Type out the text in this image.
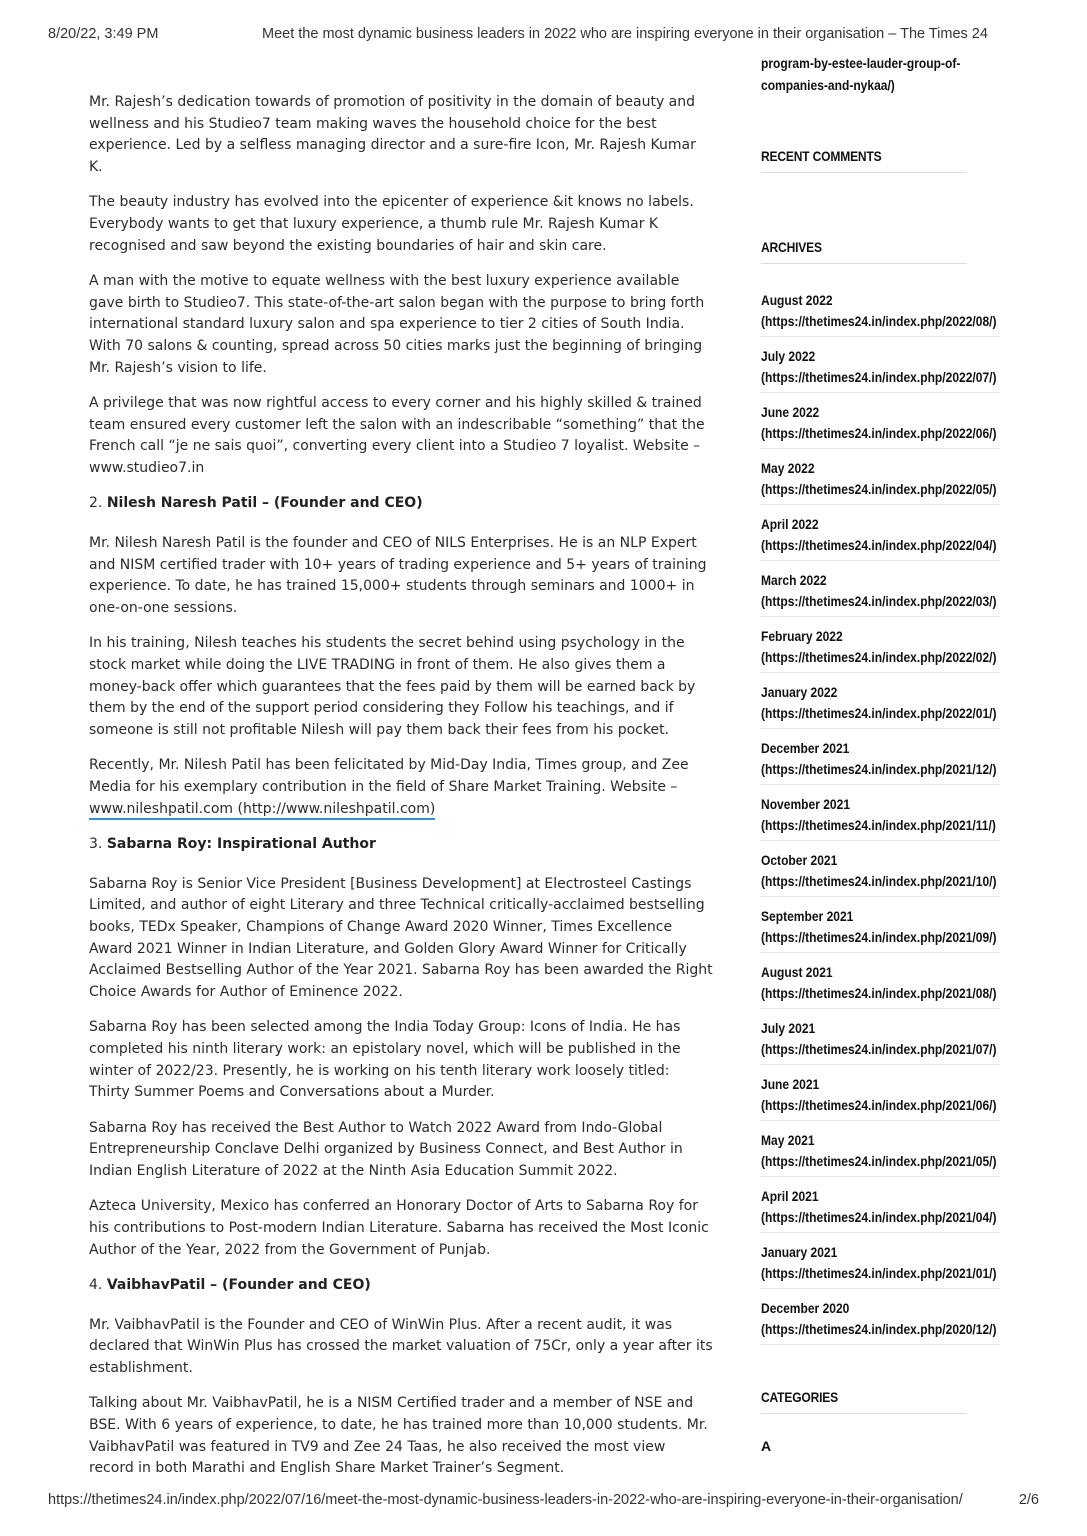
8/20/22, 3:49 PM	Meet the most dynamic business leaders in 2022 who are inspiring everyone in their organisation – The Times 24

Mr. Rajesh’s dedication towards of promotion of positivity in the domain of beauty and wellness and his Studieo7 team making waves the household choice for the best experience. Led by a selfless managing director and a sure-fire Icon, Mr. Rajesh Kumar K.

The beauty industry has evolved into the epicenter of experience &it knows no labels. Everybody wants to get that luxury experience, a thumb rule Mr. Rajesh Kumar K recognised and saw beyond the existing boundaries of hair and skin care.

A man with the motive to equate wellness with the best luxury experience available gave birth to Studieo7. This state-of-the-art salon began with the purpose to bring forth international standard luxury salon and spa experience to tier 2 cities of South India. With 70 salons & counting, spread across 50 cities marks just the beginning of bringing Mr. Rajesh’s vision to life.

A privilege that was now rightful access to every corner and his highly skilled & trained team ensured every customer left the salon with an indescribable “something” that the French call “je ne sais quoi”, converting every client into a Studieo 7 loyalist. Website – www.studieo7.in

2. Nilesh Naresh Patil – (Founder and CEO)

Mr. Nilesh Naresh Patil is the founder and CEO of NILS Enterprises. He is an NLP Expert and NISM certified trader with 10+ years of trading experience and 5+ years of training experience. To date, he has trained 15,000+ students through seminars and 1000+ in one-on-one sessions.

In his training, Nilesh teaches his students the secret behind using psychology in the stock market while doing the LIVE TRADING in front of them. He also gives them a money-back offer which guarantees that the fees paid by them will be earned back by them by the end of the support period considering they Follow his teachings, and if someone is still not profitable Nilesh will pay them back their fees from his pocket.

Recently, Mr. Nilesh Patil has been felicitated by Mid-Day India, Times group, and Zee Media for his exemplary contribution in the field of Share Market Training. Website – www.nileshpatil.com (http://www.nileshpatil.com)

3. Sabarna Roy: Inspirational Author

Sabarna Roy is Senior Vice President [Business Development] at Electrosteel Castings Limited, and author of eight Literary and three Technical critically-acclaimed bestselling books, TEDx Speaker, Champions of Change Award 2020 Winner, Times Excellence Award 2021 Winner in Indian Literature, and Golden Glory Award Winner for Critically Acclaimed Bestselling Author of the Year 2021. Sabarna Roy has been awarded the Right Choice Awards for Author of Eminence 2022.

Sabarna Roy has been selected among the India Today Group: Icons of India. He has completed his ninth literary work: an epistolary novel, which will be published in the winter of 2022/23. Presently, he is working on his tenth literary work loosely titled: Thirty Summer Poems and Conversations about a Murder.

Sabarna Roy has received the Best Author to Watch 2022 Award from Indo-Global Entrepreneurship Conclave Delhi organized by Business Connect, and Best Author in Indian English Literature of 2022 at the Ninth Asia Education Summit 2022.

Azteca University, Mexico has conferred an Honorary Doctor of Arts to Sabarna Roy for his contributions to Post-modern Indian Literature. Sabarna has received the Most Iconic Author of the Year, 2022 from the Government of Punjab.

4. VaibhavPatil – (Founder and CEO)

Mr. VaibhavPatil is the Founder and CEO of WinWin Plus. After a recent audit, it was declared that WinWin Plus has crossed the market valuation of 75Cr, only a year after its establishment.

Talking about Mr. VaibhavPatil, he is a NISM Certified trader and a member of NSE and BSE. With 6 years of experience, to date, he has trained more than 10,000 students. Mr. VaibhavPatil was featured in TV9 and Zee 24 Taas, he also received the most view record in both Marathi and English Share Market Trainer’s Segment.

program-by-estee-lauder-group-of-
companies-and-nykaa/)
RECENT COMMENTS
ARCHIVES
August 2022
(https://thetimes24.in/index.php/2022/08/)
July 2022
(https://thetimes24.in/index.php/2022/07/)
June 2022
(https://thetimes24.in/index.php/2022/06/)
May 2022
(https://thetimes24.in/index.php/2022/05/)
April 2022
(https://thetimes24.in/index.php/2022/04/)
March 2022
(https://thetimes24.in/index.php/2022/03/)
February 2022
(https://thetimes24.in/index.php/2022/02/)
January 2022
(https://thetimes24.in/index.php/2022/01/)
December 2021
(https://thetimes24.in/index.php/2021/12/)
November 2021
(https://thetimes24.in/index.php/2021/11/)
October 2021
(https://thetimes24.in/index.php/2021/10/)
September 2021
(https://thetimes24.in/index.php/2021/09/)
August 2021
(https://thetimes24.in/index.php/2021/08/)
July 2021
(https://thetimes24.in/index.php/2021/07/)
June 2021
(https://thetimes24.in/index.php/2021/06/)
May 2021
(https://thetimes24.in/index.php/2021/05/)
April 2021
(https://thetimes24.in/index.php/2021/04/)
January 2021
(https://thetimes24.in/index.php/2021/01/)
December 2020
(https://thetimes24.in/index.php/2020/12/)
CATEGORIES
A
https://thetimes24.in/index.php/2022/07/16/meet-the-most-dynamic-business-leaders-in-2022-who-are-inspiring-everyone-in-their-organisation/	2/6
